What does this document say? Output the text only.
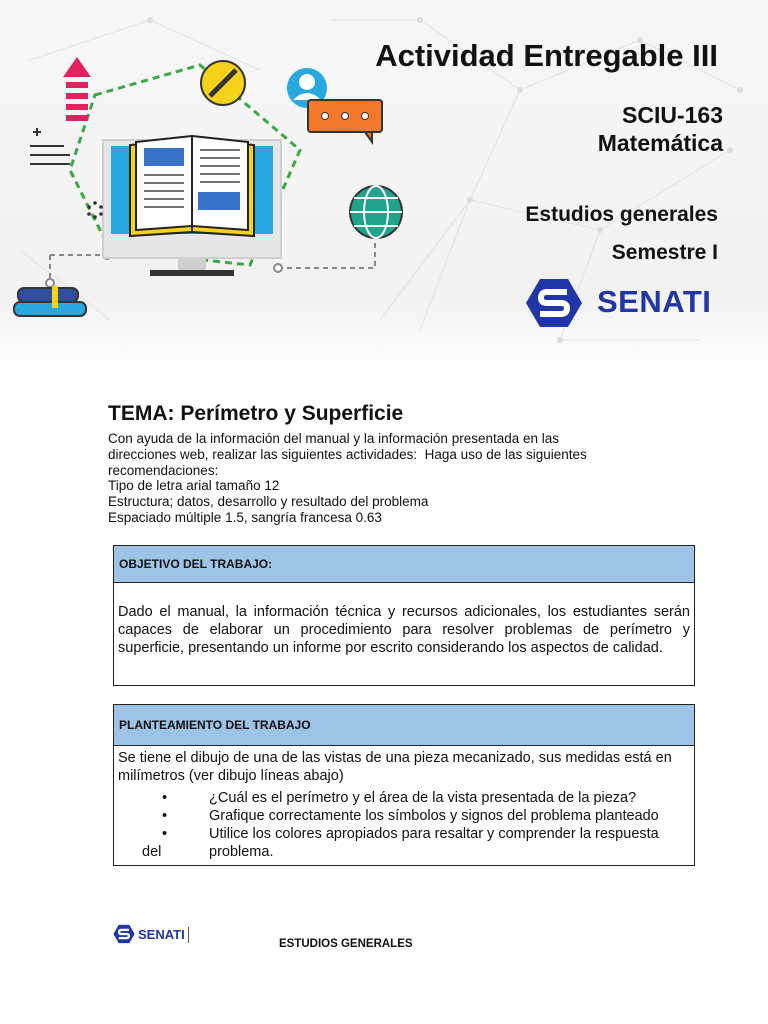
Actividad Entregable III
SCIU-163
Matemática
Estudios generales
Semestre I
SENATI
TEMA: Perímetro y Superficie
Con ayuda de la información del manual y la información presentada en las
direcciones web, realizar las siguientes actividades:  Haga uso de las siguientes
recomendaciones:
Tipo de letra arial tamaño 12
Estructura; datos, desarrollo y resultado del problema
Espaciado múltiple 1.5, sangría francesa 0.63
OBJETIVO DEL TRABAJO:
Dado el manual, la información técnica y recursos adicionales, los estudiantes serán capaces de elaborar un procedimiento para resolver problemas de perímetro y superficie, presentando un informe por escrito considerando los aspectos de calidad.
PLANTEAMIENTO DEL TRABAJO
Se tiene el dibujo de una de las vistas de una pieza mecanizado, sus medidas está en milímetros (ver dibujo líneas abajo)
•	¿Cuál es el perímetro y el área de la vista presentada de la pieza?
•	Grafique correctamente los símbolos y signos del problema planteado
•	Utilice los colores apropiados para resaltar y comprender la respuesta
del	problema.
SENATI
ESTUDIOS GENERALES
